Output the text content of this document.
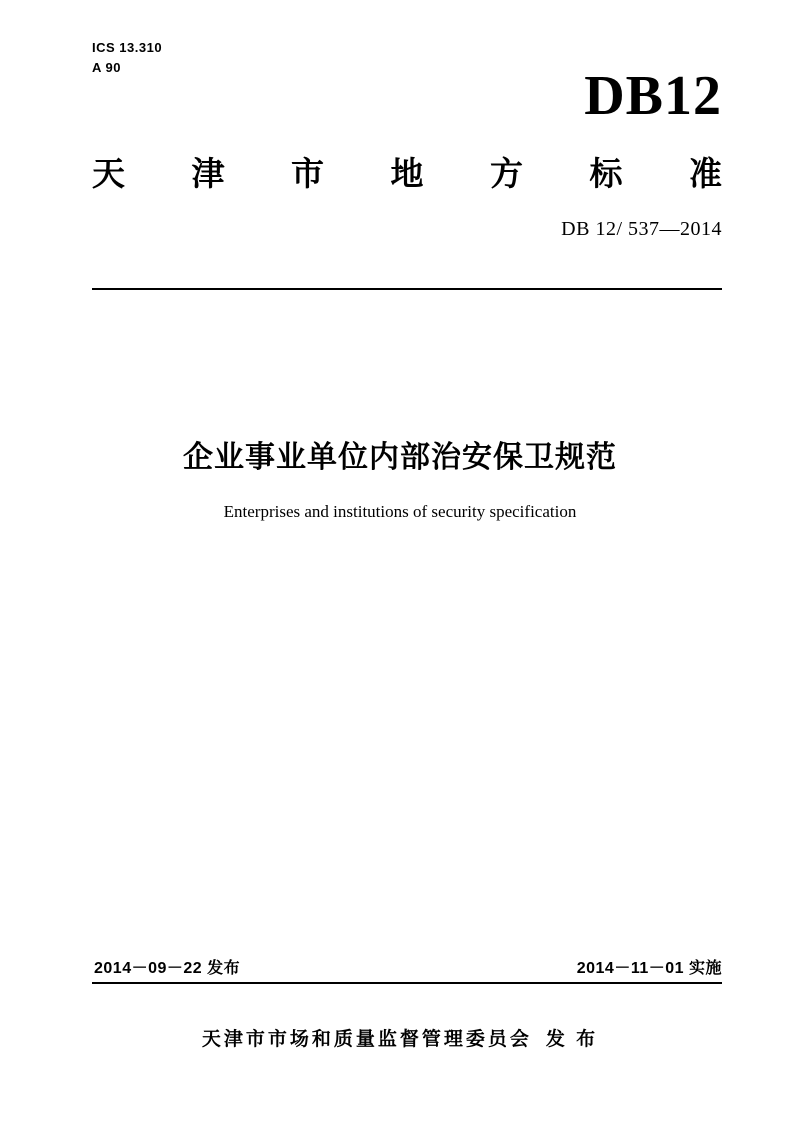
ICS 13.310
A 90	DB12
天 津 市 地 方 标 准
DB 12/ 537—2014
企业事业单位内部治安保卫规范
Enterprises and institutions of security specification
2014－09－22 发布	2014－11－01 实施
天津市市场和质量监督管理委员会 发 布
